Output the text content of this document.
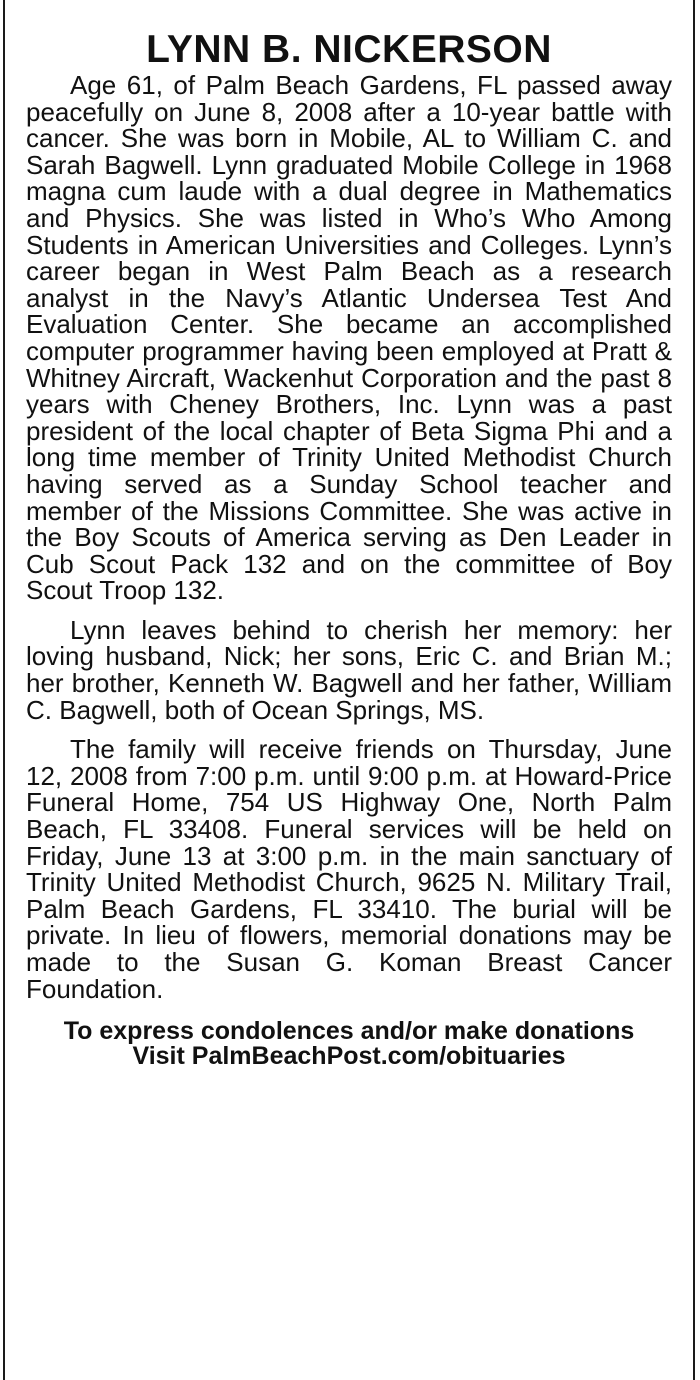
LYNN B. NICKERSON

Age 61, of Palm Beach Gardens, FL passed away peacefully on June 8, 2008 after a 10-year battle with cancer. She was born in Mobile, AL to William C. and Sarah Bagwell. Lynn graduated Mobile College in 1968 magna cum laude with a dual degree in Mathematics and Physics. She was listed in Who’s Who Among Students in American Universities and Colleges. Lynn’s career began in West Palm Beach as a research analyst in the Navy’s Atlantic Undersea Test And Evaluation Center. She became an accomplished computer programmer having been employed at Pratt & Whitney Aircraft, Wackenhut Corporation and the past 8 years with Cheney Brothers, Inc. Lynn was a past president of the local chapter of Beta Sigma Phi and a long time member of Trinity United Methodist Church having served as a Sunday School teacher and member of the Missions Committee. She was active in the Boy Scouts of America serving as Den Leader in Cub Scout Pack 132 and on the committee of Boy Scout Troop 132.

Lynn leaves behind to cherish her memory: her loving husband, Nick; her sons, Eric C. and Brian M.; her brother, Kenneth W. Bagwell and her father, William C. Bagwell, both of Ocean Springs, MS.

The family will receive friends on Thursday, June 12, 2008 from 7:00 p.m. until 9:00 p.m. at Howard-Price Funeral Home, 754 US Highway One, North Palm Beach, FL 33408. Funeral services will be held on Friday, June 13 at 3:00 p.m. in the main sanctuary of Trinity United Methodist Church, 9625 N. Military Trail, Palm Beach Gardens, FL 33410. The burial will be private. In lieu of flowers, memorial donations may be made to the Susan G. Koman Breast Cancer Foundation.

To express condolences and/or make donations
Visit PalmBeachPost.com/obituaries
